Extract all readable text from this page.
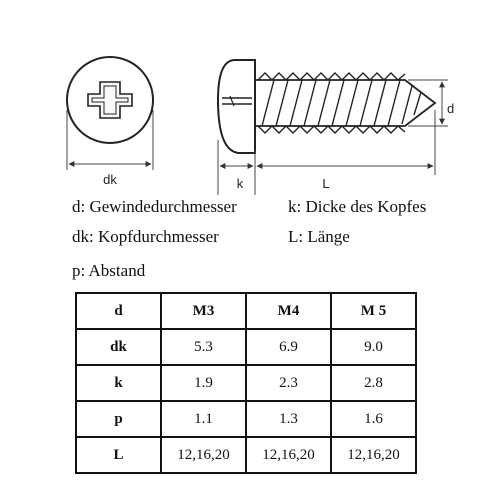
dk	k	L
d
d: Gewindedurchmesser	k: Dicke des Kopfes
dk: Kopfdurchmesser	L: Länge
p: Abstand
d	M3	M4	M 5
dk	5.3	6.9	9.0
k	1.9	2.3	2.8
p	1.1	1.3	1.6
L	12,16,20	12,16,20	12,16,20
